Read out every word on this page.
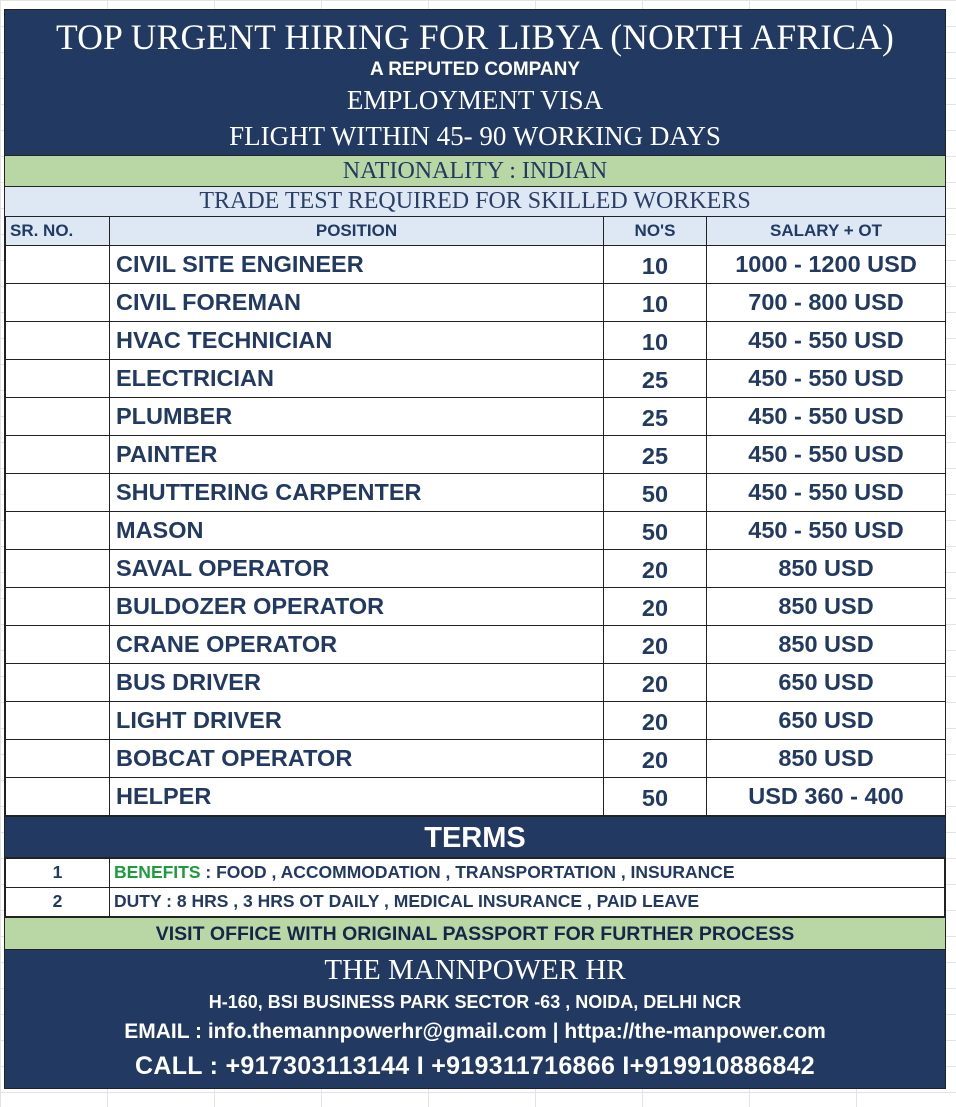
TOP URGENT HIRING FOR LIBYA (NORTH AFRICA)
A REPUTED COMPANY
EMPLOYMENT VISA
FLIGHT WITHIN 45- 90 WORKING DAYS
NATIONALITY : INDIAN
TRADE TEST REQUIRED FOR SKILLED WORKERS
SR. NO.	POSITION	NO'S	SALARY + OT
	CIVIL SITE ENGINEER	10	1000 - 1200 USD
	CIVIL FOREMAN	10	700 - 800 USD
	HVAC TECHNICIAN	10	450 - 550 USD
	ELECTRICIAN	25	450 - 550 USD
	PLUMBER	25	450 - 550 USD
	PAINTER	25	450 - 550 USD
	SHUTTERING CARPENTER	50	450 - 550 USD
	MASON	50	450 - 550 USD
	SAVAL OPERATOR	20	850 USD
	BULDOZER OPERATOR	20	850 USD
	CRANE OPERATOR	20	850 USD
	BUS DRIVER	20	650 USD
	LIGHT DRIVER	20	650 USD
	BOBCAT OPERATOR	20	850 USD
	HELPER	50	USD 360 - 400
TERMS
1	BENEFITS : FOOD , ACCOMMODATION , TRANSPORTATION , INSURANCE
2	DUTY : 8 HRS , 3 HRS OT DAILY , MEDICAL INSURANCE , PAID LEAVE
VISIT OFFICE WITH ORIGINAL PASSPORT FOR FURTHER PROCESS
THE MANNPOWER HR
H-160, BSI BUSINESS PARK SECTOR -63 , NOIDA, DELHI NCR
EMAIL : info.themannpowerhr@gmail.com | httpa://the-manpower.com
CALL : +917303113144 I +919311716866 I+919910886842
